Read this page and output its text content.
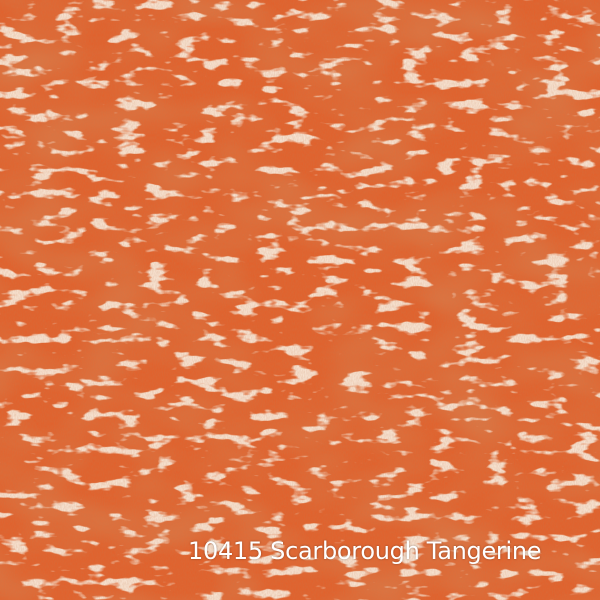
10415 Scarborough Tangerine
